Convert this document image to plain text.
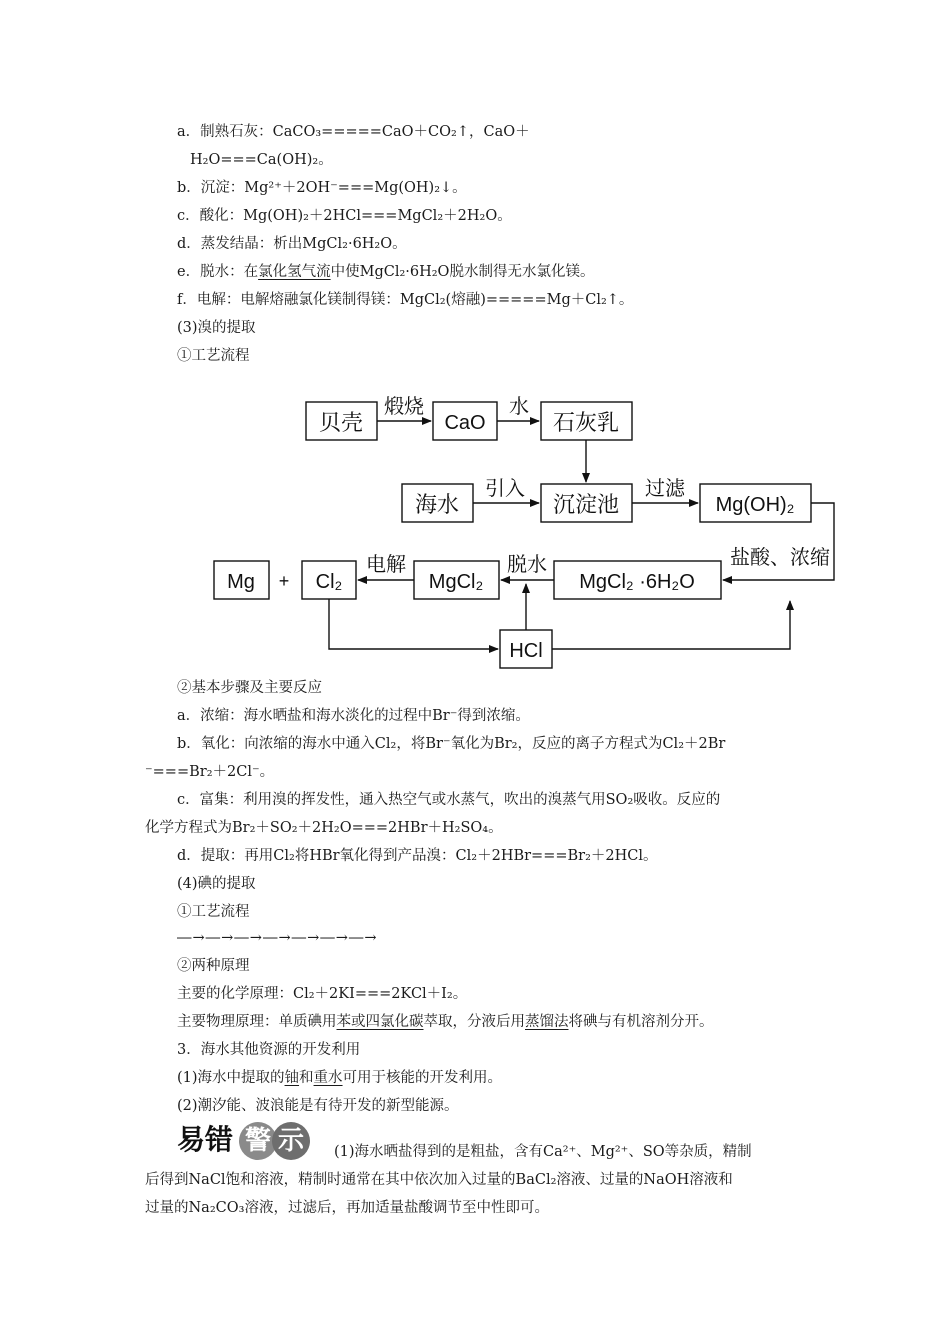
a．制熟石灰：CaCO₃=====CaO＋CO₂↑，CaO＋
H₂O===Ca(OH)₂。
b．沉淀：Mg²⁺＋2OH⁻===Mg(OH)₂↓。
c．酸化：Mg(OH)₂＋2HCl===MgCl₂＋2H₂O。
d．蒸发结晶：析出MgCl₂·6H₂O。
e．脱水：在氯化氢气流中使MgCl₂·6H₂O脱水制得无水氯化镁。
f．电解：电解熔融氯化镁制得镁：MgCl₂(熔融)=====Mg＋Cl₂↑。
(3)溴的提取
①工艺流程
贝壳	CaO	石灰乳
海水	沉淀池	Mg(OH)₂
Mg + Cl₂	MgCl₂	MgCl₂ ·6H₂O
HCl
煅烧	水
引入	过滤
盐酸、浓缩
电解	脱水
②基本步骤及主要反应
a．浓缩：海水晒盐和海水淡化的过程中Br⁻得到浓缩。
b．氧化：向浓缩的海水中通入Cl₂，将Br⁻氧化为Br₂，反应的离子方程式为Cl₂＋2Br
⁻===Br₂＋2Cl⁻。
c．富集：利用溴的挥发性，通入热空气或水蒸气，吹出的溴蒸气用SO₂吸收。反应的
化学方程式为Br₂＋SO₂＋2H₂O===2HBr＋H₂SO₄。
d．提取：再用Cl₂将HBr氧化得到产品溴：Cl₂＋2HBr===Br₂＋2HCl。
(4)碘的提取
①工艺流程
―→―→―→―→―→―→―→
②两种原理
主要的化学原理：Cl₂＋2KI===2KCl＋I₂。
主要物理原理：单质碘用苯或四氯化碳萃取，分液后用蒸馏法将碘与有机溶剂分开。
3．海水其他资源的开发利用
(1)海水中提取的铀和重水可用于核能的开发利用。
(2)潮汐能、波浪能是有待开发的新型能源。
易错 警 示 (1)海水晒盐得到的是粗盐，含有Ca²⁺、Mg²⁺、SO等杂质，精制
后得到NaCl饱和溶液，精制时通常在其中依次加入过量的BaCl₂溶液、过量的NaOH溶液和
过量的Na₂CO₃溶液，过滤后，再加适量盐酸调节至中性即可。
